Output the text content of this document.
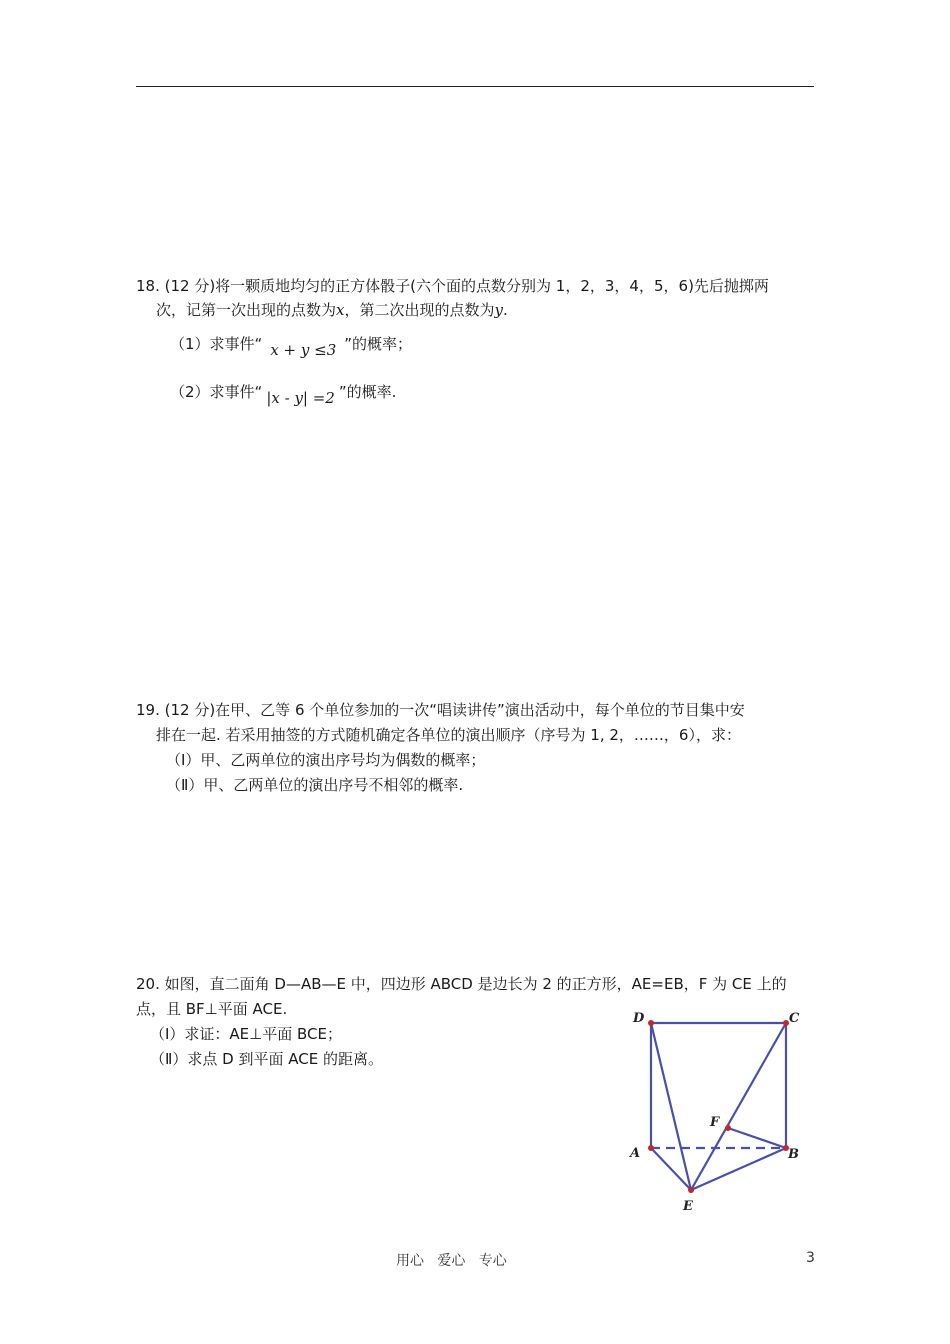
18. (12 分)将一颗质地均匀的正方体骰子(六个面的点数分别为 1，2，3，4，5，6)先后抛掷两
次，记第一次出现的点数为x，第二次出现的点数为y.
（1）求事件“ x + y ≤3 ”的概率；
（2）求事件“ |x - y| =2 ”的概率.
19. (12 分)在甲、乙等 6 个单位参加的一次“唱读讲传”演出活动中，每个单位的节目集中安
排在一起. 若采用抽签的方式随机确定各单位的演出顺序（序号为 1, 2，……，6），求：
（Ⅰ）甲、乙两单位的演出序号均为偶数的概率；
（Ⅱ）甲、乙两单位的演出序号不相邻的概率.
20. 如图，直二面角 D—AB—E 中，四边形 ABCD 是边长为 2 的正方形，AE=EB，F 为 CE 上的
点，且 BF⊥平面 ACE.
（Ⅰ）求证：AE⊥平面 BCE；
（Ⅱ）求点 D 到平面 ACE 的距离。
D	C
A	B
E
F
用心   爱心   专心	3
